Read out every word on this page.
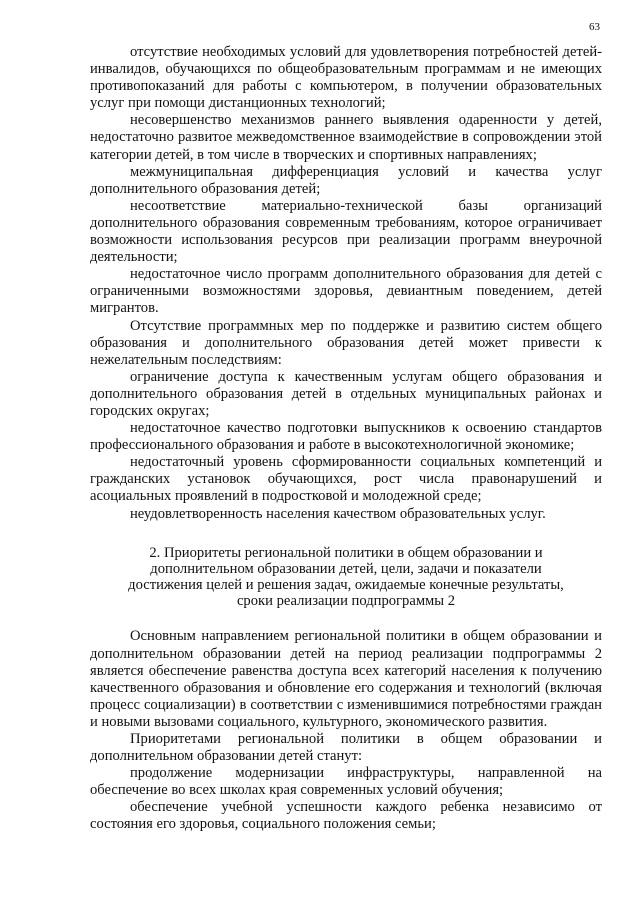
63

отсутствие необходимых условий для удовлетворения потребностей детей-инвалидов, обучающихся по общеобразовательным программам и не имеющих противопоказаний для работы с компьютером, в получении образовательных услуг при помощи дистанционных технологий;

несовершенство механизмов раннего выявления одаренности у детей, недостаточно развитое межведомственное взаимодействие в сопровождении этой категории детей, в том числе в творческих и спортивных направлениях;

межмуниципальная дифференциация условий и качества услуг дополнительного образования детей;

несоответствие материально-технической базы организаций дополнительного образования современным требованиям, которое ограничивает возможности использования ресурсов при реализации программ внеурочной деятельности;

недостаточное число программ дополнительного образования для детей с ограниченными возможностями здоровья, девиантным поведением, детей мигрантов.

Отсутствие программных мер по поддержке и развитию систем общего образования и дополнительного образования детей может привести к нежелательным последствиям:

ограничение доступа к качественным услугам общего образования и дополнительного образования детей в отдельных муниципальных районах и городских округах;

недостаточное качество подготовки выпускников к освоению стандартов профессионального образования и работе в высокотехнологичной экономике;

недостаточный уровень сформированности социальных компетенций и гражданских установок обучающихся, рост числа правонарушений и асоциальных проявлений в подростковой и молодежной среде;

неудовлетворенность населения качеством образовательных услуг.

2. Приоритеты региональной политики в общем образовании и дополнительном образовании детей, цели, задачи и показатели достижения целей и решения задач, ожидаемые конечные результаты, сроки реализации подпрограммы 2

Основным направлением региональной политики в общем образовании и дополнительном образовании детей на период реализации подпрограммы 2 является обеспечение равенства доступа всех категорий населения к получению качественного образования и обновление его содержания и технологий (включая процесс социализации) в соответствии с изменившимися потребностями граждан и новыми вызовами социального, культурного, экономического развития.

Приоритетами региональной политики в общем образовании и дополнительном образовании детей станут:

продолжение модернизации инфраструктуры, направленной на обеспечение во всех школах края современных условий обучения;

обеспечение учебной успешности каждого ребенка независимо от состояния его здоровья, социального положения семьи;
